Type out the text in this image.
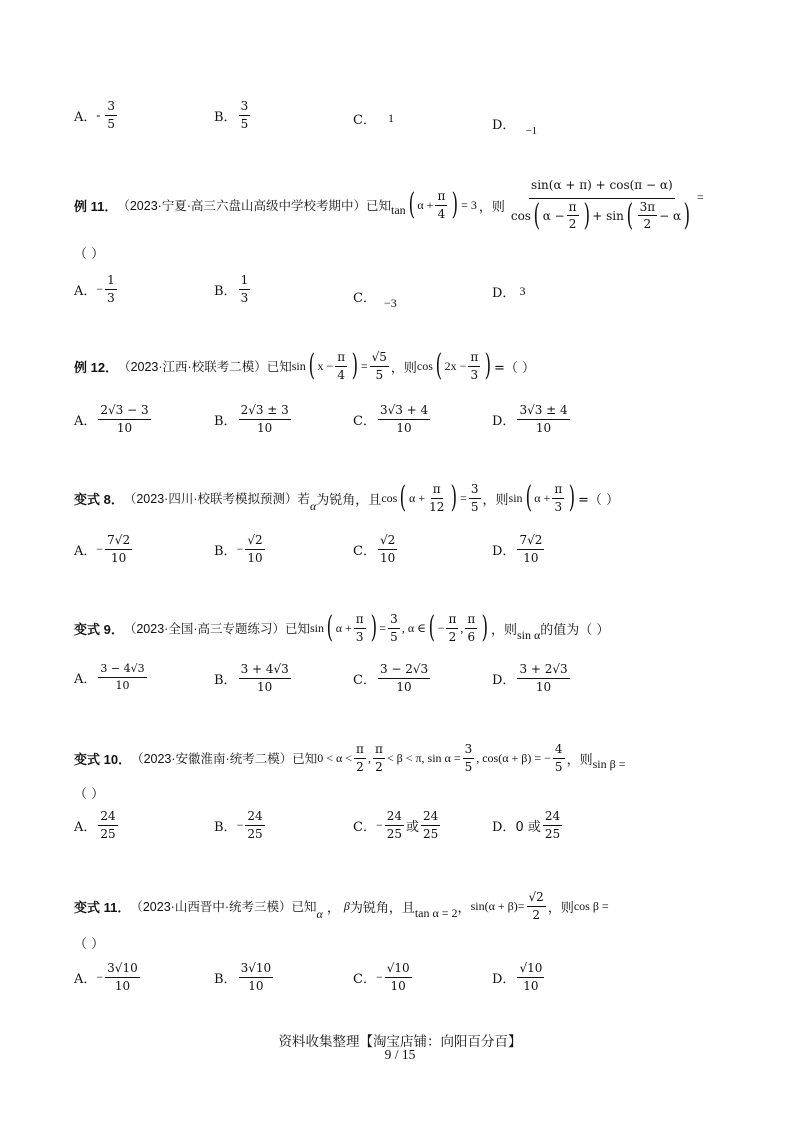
A． - $\frac{3}{5}$	B． $\frac{3}{5}$	C． 1	D． −1
例 11． （2023·宁夏·高三六盘山高级中学校考期中）已知 tan ( $\alpha + \frac{\pi}{4}$ ) = 3 ，则
sin(α + π) + cos(π − α)
cos ( $\alpha - \frac{\pi}{2}$ ) + sin ( $\frac{3\pi}{2} - \alpha$ )
=
（ ）
A． − $\frac{1}{3}$	B． $\frac{1}{3}$	C． −3
D． 3
例 12． （2023·江西·校联考二模）已知 sin ( $x - \frac{\pi}{4}$ ) = $\frac{√5}{5}$ ，则 cos ( $2x - \frac{\pi}{3}$ ) =（ ）
A． $\frac{2√3 - 3}{10}$	B． $\frac{2√3 \pm 3}{10}$	C． $\frac{3√3 + 4}{10}$	D． $\frac{3√3 \pm 4}{10}$
变式 8． （2023·四川·校联考模拟预测）若 α 为锐角，且 cos ( $\alpha + \frac{\pi}{12}$ ) = $\frac{3}{5}$ ，则 sin ( $\alpha + \frac{\pi}{3}$ ) =（ ）
A． − $\frac{7√2}{10}$	B． − $\frac{√2}{10}$	C． $\frac{√2}{10}$	D． $\frac{7√2}{10}$
变式 9． （2023·全国·高三专题练习）已知 sin ( $\alpha + \frac{\pi}{3}$ ) = $\frac{3}{5}$ , α ∈ ( − $\frac{\pi}{2}$ , $\frac{\pi}{6}$ ) ，则 sin α 的值为（ ）
A． $\frac{3 - 4√3}{10}$	B． $\frac{3 + 4√3}{10}$	C． $\frac{3 - 2√3}{10}$	D． $\frac{3 + 2√3}{10}$
变式 10． （2023·安徽淮南·统考二模）已知 $0 < \alpha < \frac{\pi}{2}$ , $\frac{\pi}{2} < \beta < \pi$, $\sin \alpha = \frac{3}{5}$ , cos(α + β) = − $\frac{4}{5}$ ，则 sin β =
（ ）
A． $\frac{24}{25}$	B． − $\frac{24}{25}$	C． − $\frac{24}{25}$ 或 $\frac{24}{25}$	D． 0 或 $\frac{24}{25}$
变式 11． （2023·山西晋中·统考三模）已知 α ， β 为锐角，且 tan α = 2 ， sin ( α + β ) = $\frac{√2}{2}$ ，则 cos β =
（ ）
A． − $\frac{3√10}{10}$	B． $\frac{3√10}{10}$	C． − $\frac{√10}{10}$	D． $\frac{√10}{10}$
资料收集整理【淘宝店铺：向阳百分百】
9 / 15
